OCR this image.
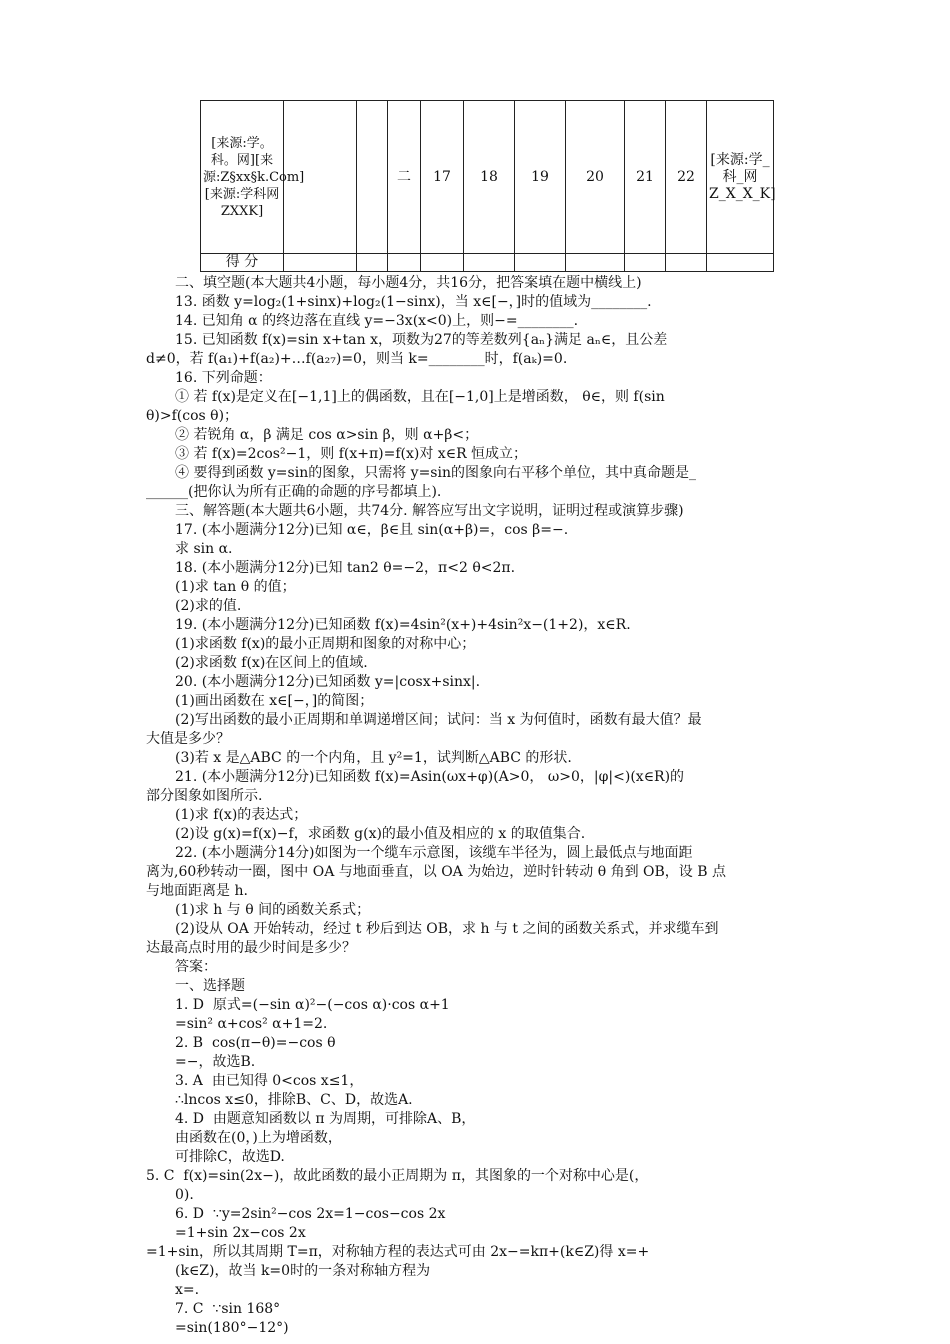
[来源:学。科。网][来源:Z§xx§k.Com][来源:学科网ZXXK]			二	17	18	19	20	21	22	[来源:学_科_网Z_X_X_K]
得 分										
二、填空题(本大题共4小题，每小题4分，共16分，把答案填在题中横线上)
13. 函数 y=log₂(1+sinx)+log₂(1−sinx)，当 x∈[−，]时的值域为________.
14. 已知角 α 的终边落在直线 y=−3x(x<0)上，则−=________.
15. 已知函数 f(x)=sin x+tan x，项数为27的等差数列{aₙ}满足 aₙ∈，且公差
d≠0，若 f(a₁)+f(a₂)+…f(a₂₇)=0，则当 k=________时，f(aₖ)=0.
16. 下列命题：
① 若 f(x)是定义在[−1,1]上的偶函数，且在[−1,0]上是增函数， θ∈，则 f(sin
θ)>f(cos θ)；
② 若锐角 α，β 满足 cos α>sin β，则 α+β<；
③ 若 f(x)=2cos²−1，则 f(x+π)=f(x)对 x∈R 恒成立；
④ 要得到函数 y=sin的图象，只需将 y=sin的图象向右平移个单位，其中真命题是_
______(把你认为所有正确的命题的序号都填上).
三、解答题(本大题共6小题，共74分. 解答应写出文字说明，证明过程或演算步骤)
17. (本小题满分12分)已知 α∈，β∈且 sin(α+β)=，cos β=−.
求 sin α.
18. (本小题满分12分)已知 tan2 θ=−2，π<2 θ<2π.
(1)求 tan θ 的值；
(2)求的值.
19. (本小题满分12分)已知函数 f(x)=4sin²(x+)+4sin²x−(1+2)，x∈R.
(1)求函数 f(x)的最小正周期和图象的对称中心；
(2)求函数 f(x)在区间上的值域.
20. (本小题满分12分)已知函数 y=|cosx+sinx|.
(1)画出函数在 x∈[−，]的简图；
(2)写出函数的最小正周期和单调递增区间；试问：当 x 为何值时，函数有最大值？最
大值是多少？
(3)若 x 是△ABC 的一个内角，且 y²=1，试判断△ABC 的形状.
21. (本小题满分12分)已知函数 f(x)=Asin(ωx+φ)(A>0， ω>0，|φ|<)(x∈R)的
部分图象如图所示.
(1)求 f(x)的表达式；
(2)设 g(x)=f(x)−f，求函数 g(x)的最小值及相应的 x 的取值集合.
22. (本小题满分14分)如图为一个缆车示意图，该缆车半径为，圆上最低点与地面距
离为,60秒转动一圈，图中 OA 与地面垂直，以 OA 为始边，逆时针转动 θ 角到 OB，设 B 点
与地面距离是 h.
(1)求 h 与 θ 间的函数关系式；
(2)设从 OA 开始转动，经过 t 秒后到达 OB，求 h 与 t 之间的函数关系式，并求缆车到
达最高点时用的最少时间是多少？
答案：
一、选择题
1. D  原式=(−sin α)²−(−cos α)·cos α+1
=sin² α+cos² α+1=2.
2. B  cos(π−θ)=−cos θ
=−，故选B.
3. A  由已知得 0<cos x≤1，
∴lncos x≤0，排除B、C、D，故选A.
4. D  由题意知函数以 π 为周期，可排除A、B，
由函数在(0，)上为增函数，
可排除C，故选D.
5. C  f(x)=sin(2x−)，故此函数的最小正周期为 π，其图象的一个对称中心是(，
0).
6. D  ∵y=2sin²−cos 2x=1−cos−cos 2x
=1+sin 2x−cos 2x
=1+sin，所以其周期 T=π，对称轴方程的表达式可由 2x−=kπ+(k∈Z)得 x=+
(k∈Z)，故当 k=0时的一条对称轴方程为
x=.
7. C  ∵sin 168°
=sin(180°−12°)
